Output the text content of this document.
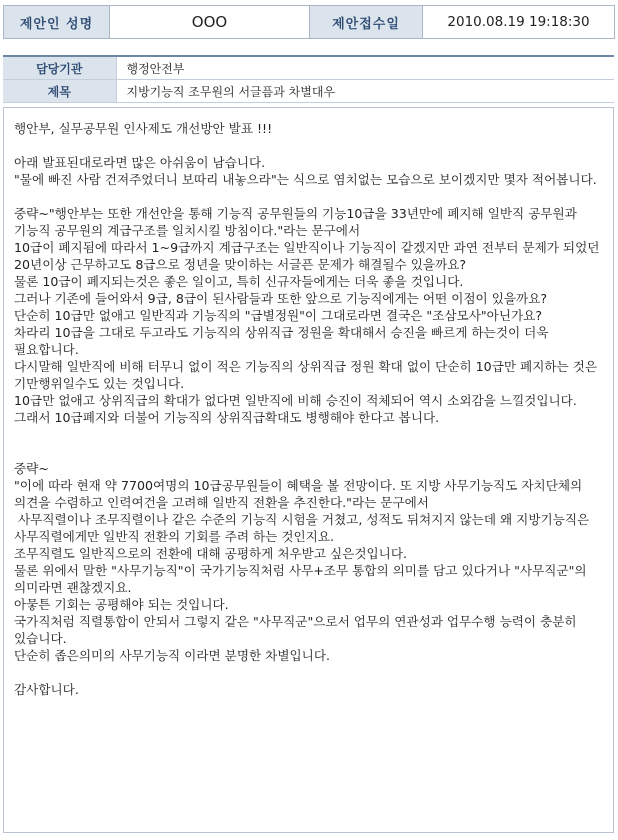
제안인 성명	OOO	제안접수일	2010.08.19 19:18:30
담당기관	행정안전부
제목	지방기능직 조무원의 서글픔과 차별대우

행안부, 실무공무원 인사제도 개선방안 발표 !!!

아래 발표된대로라면 많은 아쉬움이 남습니다.

"물에 빠진 사람 건져주었더니 보따리 내놓으라"는 식으로 염치없는 모습으로 보이겠지만 몇자 적어봅니다.

중략~"행안부는 또한 개선안을 통해 기능직 공무원들의 기능10급을 33년만에 폐지해 일반직 공무원과 기능직 공무원의 계급구조를 일치시킬 방침이다."라는 문구에서

10급이 폐지됨에 따라서 1~9급까지 계급구조는 일반직이나 기능직이 같겠지만 과연 전부터 문제가 되었던 20년이상 근무하고도 8급으로 정년을 맞이하는 서글픈 문제가 해결될수 있을까요?

물론 10급이 폐지되는것은 좋은 일이고, 특히 신규자들에게는 더욱 좋을 것입니다.

그러나 기존에 들어와서 9급, 8급이 된사람들과 또한 앞으로 기능직에게는 어떤 이점이 있을까요?

단순히 10급만 없애고 일반직과 기능직의 "급별정원"이 그대로라면 결국은 "조삼모사"아닌가요?

차라리 10급을 그대로 두고라도 기능직의 상위직급 정원을 확대해서 승진을 빠르게 하는것이 더욱 필요합니다.

다시말해 일반직에 비해 터무니 없이 적은 기능직의 상위직급 정원 확대 없이 단순히 10급만 폐지하는 것은 기만행위일수도 있는 것입니다.

10급만 없애고 상위직급의 확대가 없다면 일반직에 비해 승진이 적체되어 역시 소외감을 느낄것입니다.

그래서 10급폐지와 더불어 기능직의 상위직급확대도 병행해야 한다고 봅니다.

중략~

"이에 따라 현재 약 7700여명의 10급공무원들이 혜택을 볼 전망이다. 또 지방 사무기능직도 자치단체의 의견을 수렴하고 인력여건을 고려해 일반직 전환을 추진한다."라는 문구에서

사무직렬이나 조무직렬이나 같은 수준의 기능직 시험을 거쳤고, 성적도 뒤쳐지지 않는데 왜 지방기능직은 사무직렬에게만 일반직 전환의 기회를 주려 하는 것인지요.

조무직렬도 일반직으로의 전환에 대해 공평하게 처우받고 싶은것입니다.

물론 위에서 말한 "사무기능직"이 국가기능직처럼 사무+조무 통합의 의미를 담고 있다거나 "사무직군"의 의미라면 괜찮겠지요.

아뭏튼 기회는 공평해야 되는 것입니다.

국가직처럼 직렬통합이 안되서 그렇지 같은 "사무직군"으로서 업무의 연관성과 업무수행 능력이 충분히 있습니다.

단순히 좁은의미의 사무기능직 이라면 분명한 차별입니다.

감사합니다.
